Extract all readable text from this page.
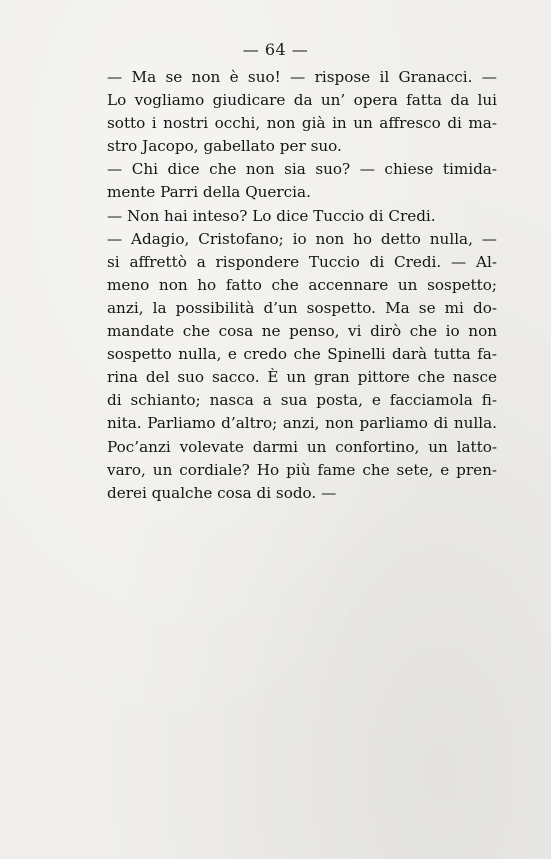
— 64 —
— Ma se non è suo! — rispose il Granacci. —
Lo vogliamo giudicare da un’ opera fatta da lui
sotto i nostri occhi, non già in un affresco di ma-
stro Jacopo, gabellato per suo.
— Chi dice che non sia suo? — chiese timida-
mente Parri della Quercia.
— Non hai inteso? Lo dice Tuccio di Credi.
— Adagio, Cristofano; io non ho detto nulla, —
si affrettò a rispondere Tuccio di Credi. — Al-
meno non ho fatto che accennare un sospetto;
anzi, la possibilità d’un sospetto. Ma se mi do-
mandate che cosa ne penso, vi dirò che io non
sospetto nulla, e credo che Spinelli darà tutta fa-
rina del suo sacco. È un gran pittore che nasce
di schianto; nasca a sua posta, e facciamola fi-
nita. Parliamo d’altro; anzi, non parliamo di nulla.
Poc’anzi volevate darmi un confortino, un latto-
varo, un cordiale? Ho più fame che sete, e pren-
derei qualche cosa di sodo. —
